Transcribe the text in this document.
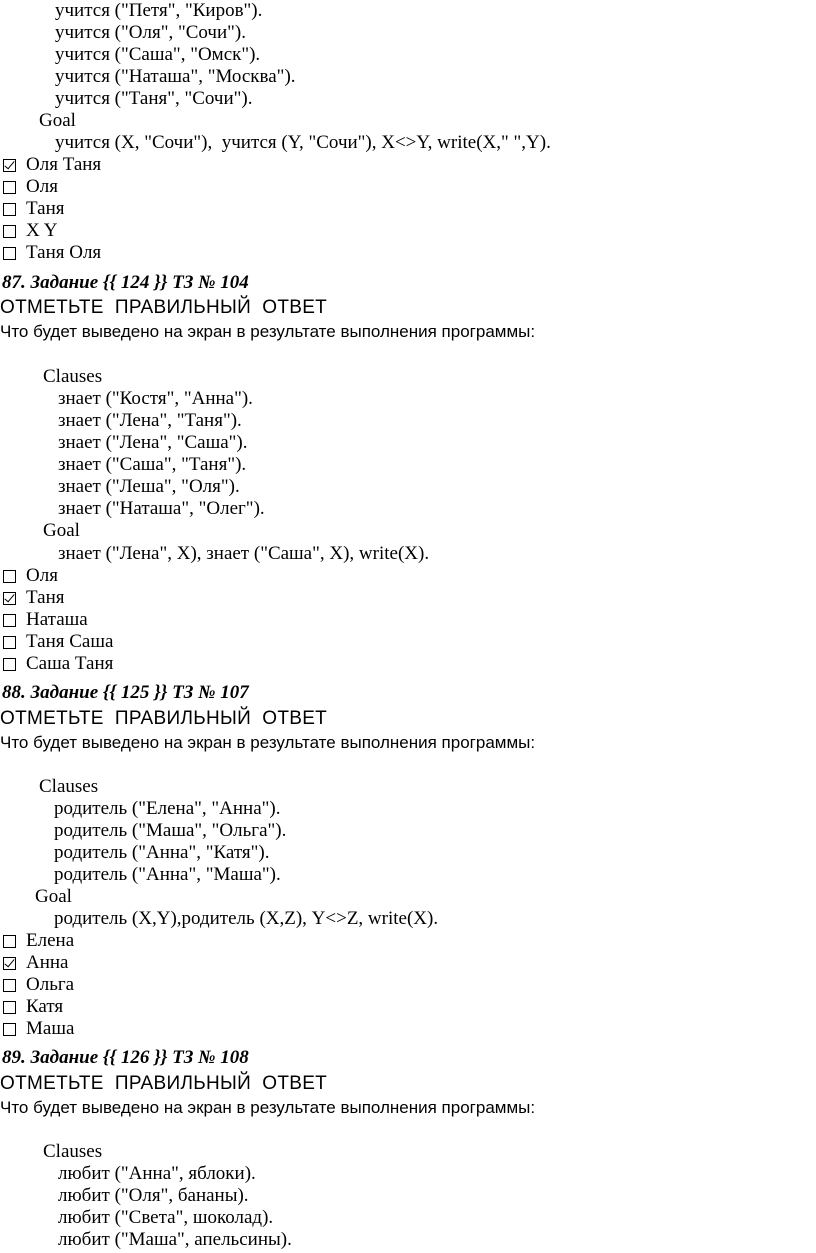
учится ("Петя", "Киров").
учится ("Оля", "Сочи").
учится ("Саша", "Омск").
учится ("Наташа", "Москва").
учится ("Таня", "Сочи").
Goal
учится (X, "Сочи"),  учится (Y, "Сочи"), X<>Y, write(X," ",Y).
Оля Таня
Оля
Таня
X Y
Таня Оля
87. Задание {{ 124 }} ТЗ № 104
ОТМЕТЬТЕ  ПРАВИЛЬНЫЙ  ОТВЕТ
Что будет выведено на экран в результате выполнения программы:
Clauses
знает ("Костя", "Анна").
знает ("Лена", "Таня").
знает ("Лена", "Саша").
знает ("Саша", "Таня").
знает ("Леша", "Оля").
знает ("Наташа", "Олег").
Goal
знает ("Лена", X), знает ("Саша", X), write(X).
Оля
Таня
Наташа
Таня Саша
Саша Таня
88. Задание {{ 125 }} ТЗ № 107
ОТМЕТЬТЕ  ПРАВИЛЬНЫЙ  ОТВЕТ
Что будет выведено на экран в результате выполнения программы:
Clauses
родитель ("Елена", "Анна").
родитель ("Маша", "Ольга").
родитель ("Анна", "Катя").
родитель ("Анна", "Маша").
Goal
родитель (X,Y),родитель (X,Z), Y<>Z, write(X).
Елена
Анна
Ольга
Катя
Маша
89. Задание {{ 126 }} ТЗ № 108
ОТМЕТЬТЕ  ПРАВИЛЬНЫЙ  ОТВЕТ
Что будет выведено на экран в результате выполнения программы:
Clauses
любит ("Анна", яблоки).
любит ("Оля", бананы).
любит ("Света", шоколад).
любит ("Маша", апельсины).
